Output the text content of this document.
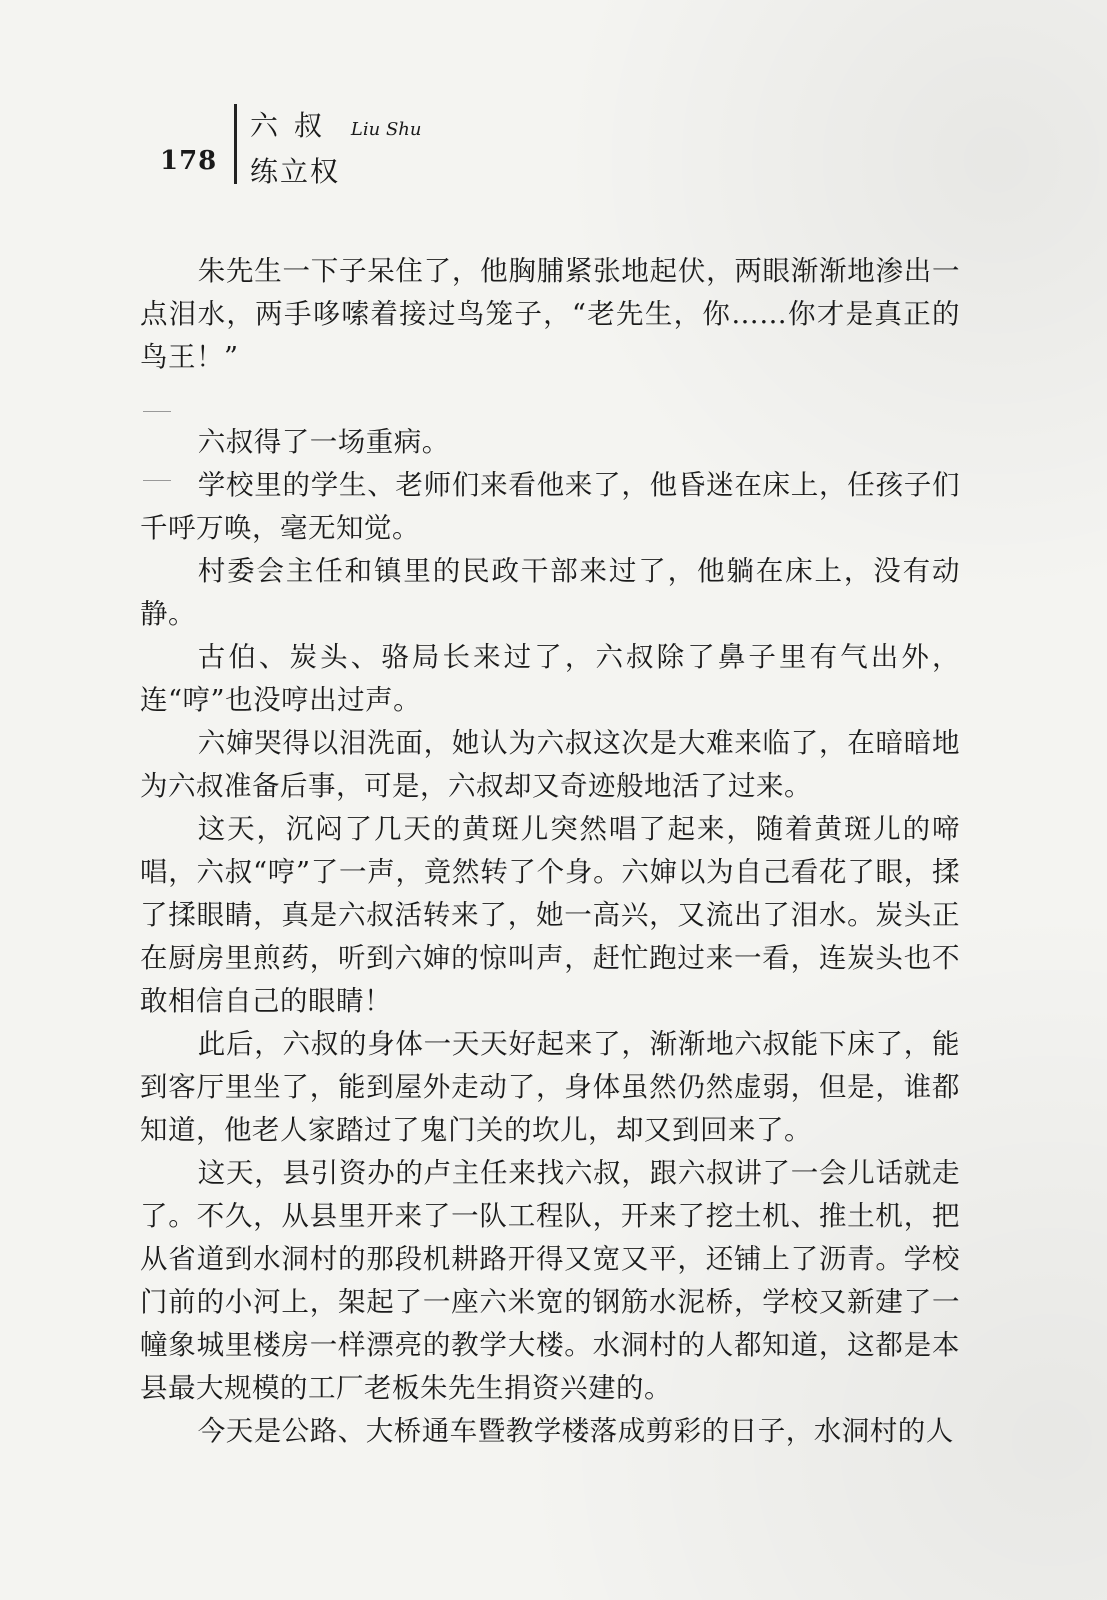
178
六叔 Liu Shu
练立权

朱先生一下子呆住了，他胸脯紧张地起伏，两眼渐渐地渗出一点泪水，两手哆嗦着接过鸟笼子，“老先生，你……你才是真正的鸟王！”

六叔得了一场重病。

学校里的学生、老师们来看他来了，他昏迷在床上，任孩子们千呼万唤，毫无知觉。

村委会主任和镇里的民政干部来过了，他躺在床上，没有动静。

古伯、炭头、骆局长来过了，六叔除了鼻子里有气出外，连“哼”也没哼出过声。

六婶哭得以泪洗面，她认为六叔这次是大难来临了，在暗暗地为六叔准备后事，可是，六叔却又奇迹般地活了过来。

这天，沉闷了几天的黄斑儿突然唱了起来，随着黄斑儿的啼唱，六叔“哼”了一声，竟然转了个身。六婶以为自己看花了眼，揉了揉眼睛，真是六叔活转来了，她一高兴，又流出了泪水。炭头正在厨房里煎药，听到六婶的惊叫声，赶忙跑过来一看，连炭头也不敢相信自己的眼睛！

此后，六叔的身体一天天好起来了，渐渐地六叔能下床了，能到客厅里坐了，能到屋外走动了，身体虽然仍然虚弱，但是，谁都知道，他老人家踏过了鬼门关的坎儿，却又到回来了。

这天，县引资办的卢主任来找六叔，跟六叔讲了一会儿话就走了。不久，从县里开来了一队工程队，开来了挖土机、推土机，把从省道到水洞村的那段机耕路开得又宽又平，还铺上了沥青。学校门前的小河上，架起了一座六米宽的钢筋水泥桥，学校又新建了一幢象城里楼房一样漂亮的教学大楼。水洞村的人都知道，这都是本县最大规模的工厂老板朱先生捐资兴建的。

今天是公路、大桥通车暨教学楼落成剪彩的日子，水洞村的人
